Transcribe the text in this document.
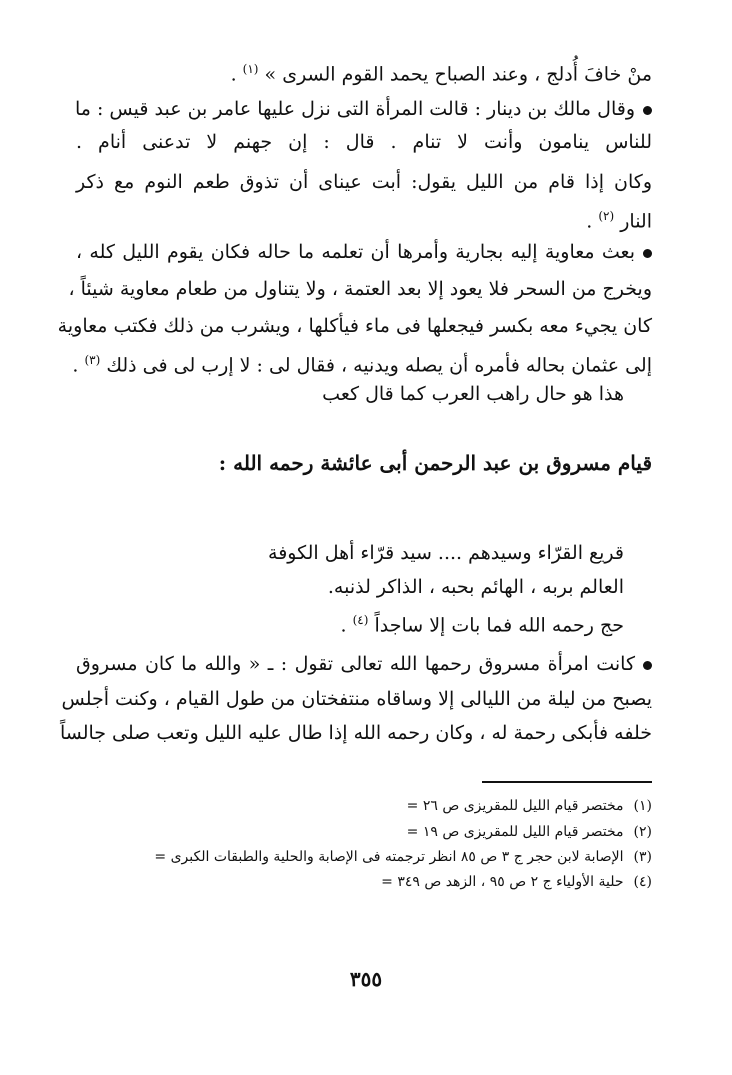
منْ خافَ أُدلج ، وعند الصباح يحمد القوم السرى » $^{(١)}$ .
وقال مالك بن دينار : قالت المرأة التى نزل عليها عامر بن عبد قيس : ما
للناس ينامون وأنت لا تنام . قال : إن جهنم لا تدعنى أنام .
وكان إذا قام من الليل يقول: أبت عيناى أن تذوق طعم النوم مع ذكر
النار $^{(٢)}$ .
بعث معاوية إليه بجارية وأمرها أن تعلمه ما حاله فكان يقوم الليل كله ،
ويخرج من السحر فلا يعود إلا بعد العتمة ، ولا يتناول من طعام معاوية شيئاً ،
كان يجيء معه بكسر فيجعلها فى ماء فيأكلها ، ويشرب من ذلك فكتب معاوية
إلى عثمان بحاله فأمره أن يصله ويدنيه ، فقال لى : لا إرب لى فى ذلك $^{(٣)}$ .
هذا هو حال راهب العرب كما قال كعب
قيام مسروق بن عبد الرحمن أبى عائشة رحمه الله :
قريع القرّاء وسيدهم .... سيد قرّاء أهل الكوفة
العالم بربه ، الهائم بحبه ، الذاكر لذنبه.
حج رحمه الله فما بات إلا ساجداً $^{(٤)}$ .
كانت امرأة مسروق رحمها الله تعالى تقول : ـ « والله ما كان مسروق
يصبح من ليلة من الليالى إلا وساقاه منتفختان من طول القيام ، وكنت أجلس
خلفه فأبكى رحمة له ، وكان رحمه الله إذا طال عليه الليل وتعب صلى جالساً
(١)مختصر قيام الليل للمقريزى ص ٢٦ =
(٢)مختصر قيام الليل للمقريزى ص ١٩ =
(٣)الإصابة لابن حجر ج ٣ ص ٨٥ انظر ترجمته فى الإصابة والحلية والطبقات الكبرى =
(٤)حلية الأولياء ج ٢ ص ٩٥ ، الزهد ص ٣٤٩ =
٣٥٥
